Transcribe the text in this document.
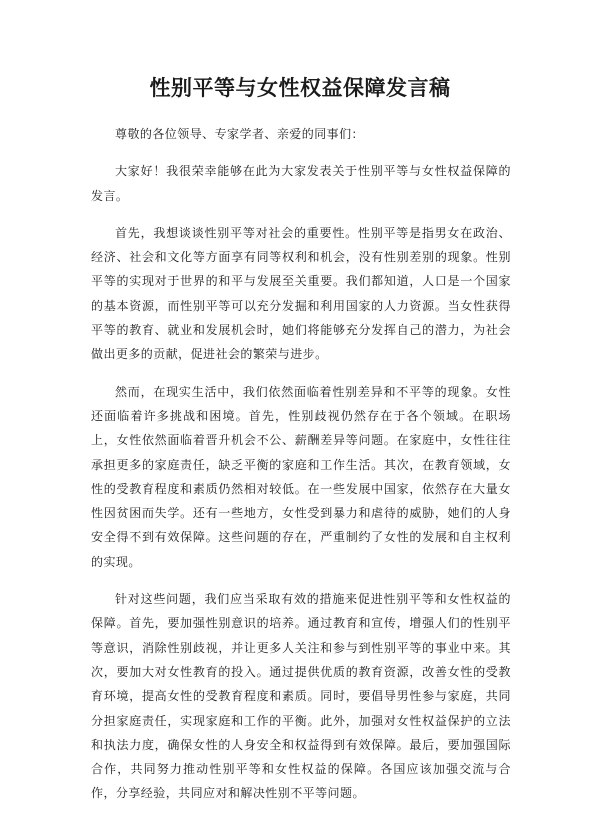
性别平等与女性权益保障发言稿

尊敬的各位领导、专家学者、亲爱的同事们：

大家好！我很荣幸能够在此为大家发表关于性别平等与女性权益保障的发言。

首先，我想谈谈性别平等对社会的重要性。性别平等是指男女在政治、经济、社会和文化等方面享有同等权利和机会，没有性别差别的现象。性别平等的实现对于世界的和平与发展至关重要。我们都知道，人口是一个国家的基本资源，而性别平等可以充分发掘和利用国家的人力资源。当女性获得平等的教育、就业和发展机会时，她们将能够充分发挥自己的潜力，为社会做出更多的贡献，促进社会的繁荣与进步。

然而，在现实生活中，我们依然面临着性别差异和不平等的现象。女性还面临着许多挑战和困境。首先，性别歧视仍然存在于各个领域。在职场上，女性依然面临着晋升机会不公、薪酬差异等问题。在家庭中，女性往往承担更多的家庭责任，缺乏平衡的家庭和工作生活。其次，在教育领域，女性的受教育程度和素质仍然相对较低。在一些发展中国家，依然存在大量女性因贫困而失学。还有一些地方，女性受到暴力和虐待的威胁，她们的人身安全得不到有效保障。这些问题的存在，严重制约了女性的发展和自主权利的实现。

针对这些问题，我们应当采取有效的措施来促进性别平等和女性权益的保障。首先，要加强性别意识的培养。通过教育和宣传，增强人们的性别平等意识，消除性别歧视，并让更多人关注和参与到性别平等的事业中来。其次，要加大对女性教育的投入。通过提供优质的教育资源，改善女性的受教育环境，提高女性的受教育程度和素质。同时，要倡导男性参与家庭，共同分担家庭责任，实现家庭和工作的平衡。此外，加强对女性权益保护的立法和执法力度，确保女性的人身安全和权益得到有效保障。最后，要加强国际合作，共同努力推动性别平等和女性权益的保障。各国应该加强交流与合作，分享经验，共同应对和解决性别不平等问题。
